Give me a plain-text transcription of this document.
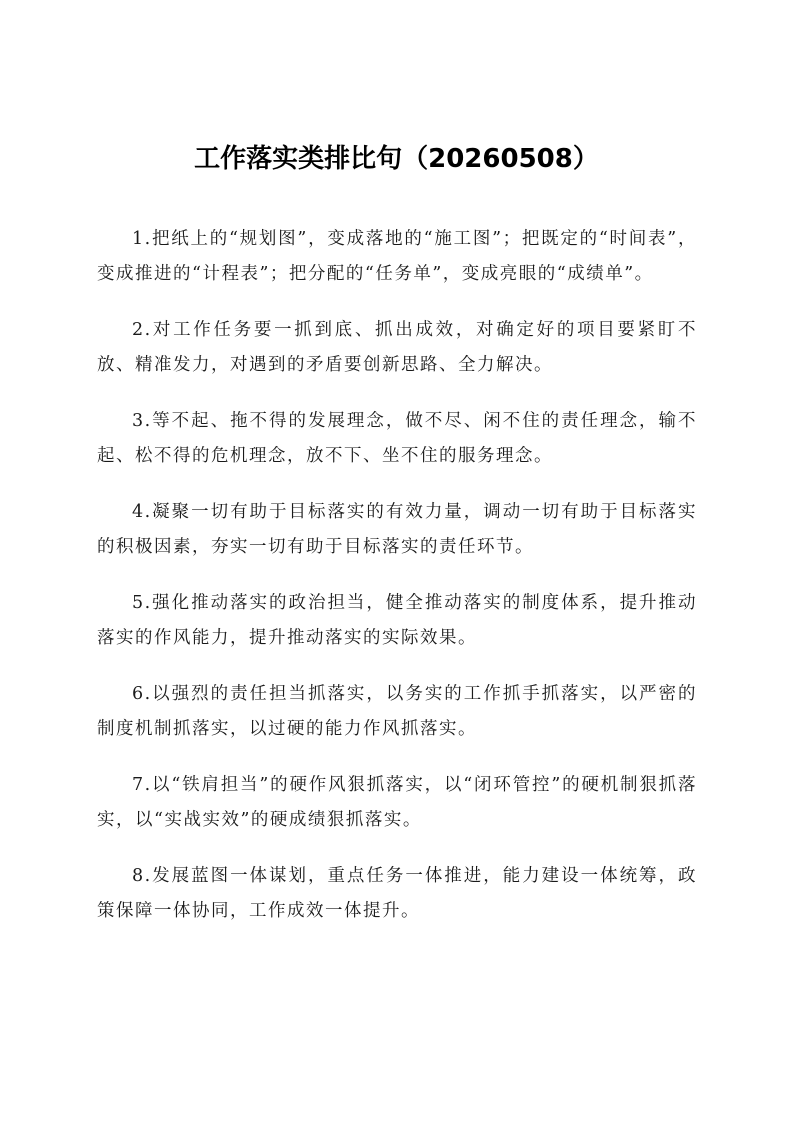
工作落实类排比句（20260508）

1.把纸上的“规划图”，变成落地的“施工图”；把既定的“时间表”，变成推进的“计程表”；把分配的“任务单”，变成亮眼的“成绩单”。

2.对工作任务要一抓到底、抓出成效，对确定好的项目要紧盯不放、精准发力，对遇到的矛盾要创新思路、全力解决。

3.等不起、拖不得的发展理念，做不尽、闲不住的责任理念，输不起、松不得的危机理念，放不下、坐不住的服务理念。

4.凝聚一切有助于目标落实的有效力量，调动一切有助于目标落实的积极因素，夯实一切有助于目标落实的责任环节。

5.强化推动落实的政治担当，健全推动落实的制度体系，提升推动落实的作风能力，提升推动落实的实际效果。

6.以强烈的责任担当抓落实，以务实的工作抓手抓落实，以严密的制度机制抓落实，以过硬的能力作风抓落实。

7.以“铁肩担当”的硬作风狠抓落实，以“闭环管控”的硬机制狠抓落实，以“实战实效”的硬成绩狠抓落实。

8.发展蓝图一体谋划，重点任务一体推进，能力建设一体统筹，政策保障一体协同，工作成效一体提升。
